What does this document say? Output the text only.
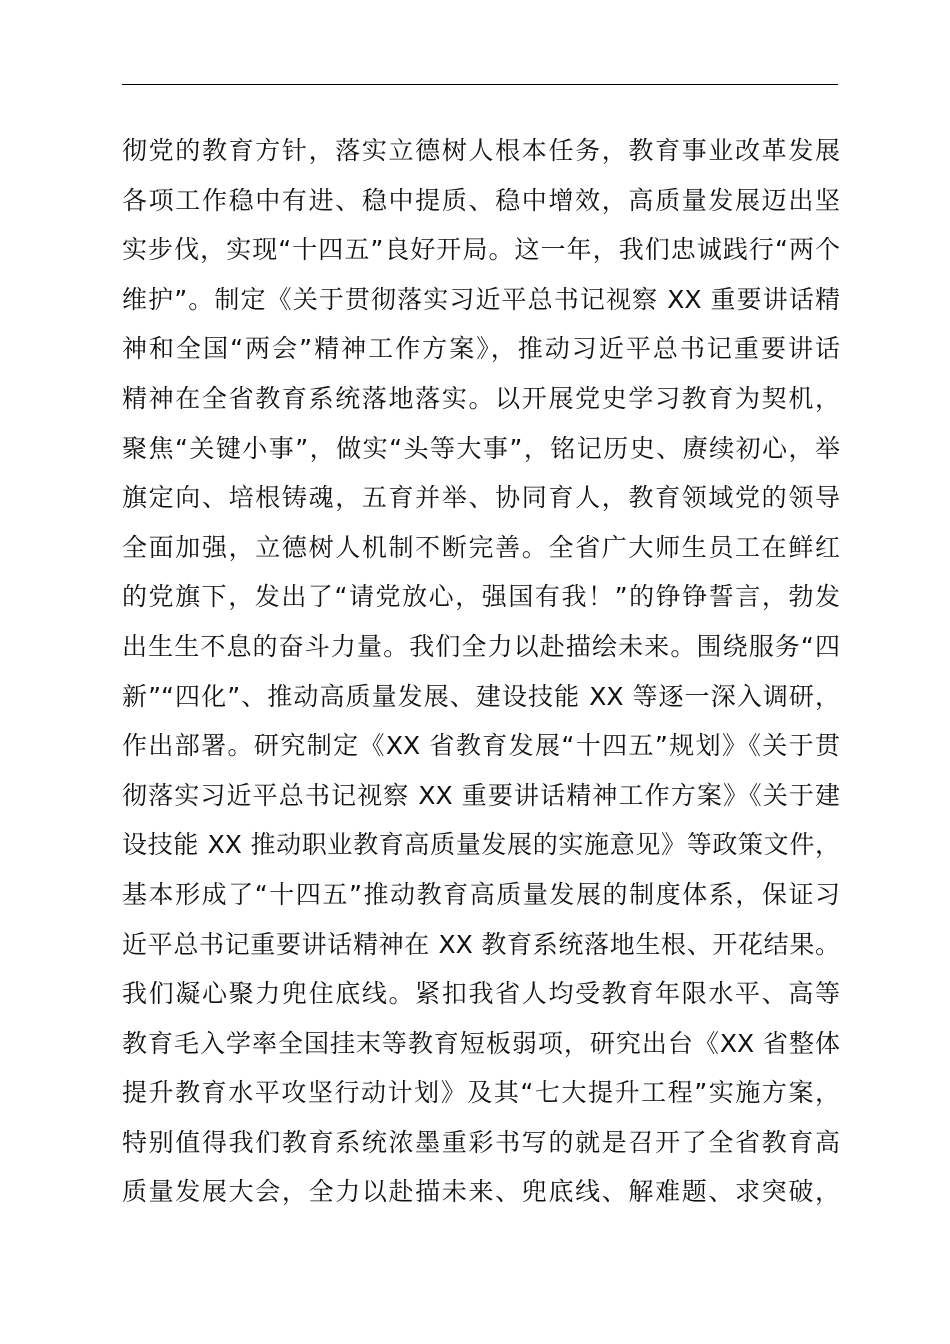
彻党的教育方针，落实立德树人根本任务，教育事业改革发展
各项工作稳中有进、稳中提质、稳中增效，高质量发展迈出坚
实步伐，实现“十四五”良好开局。这一年，我们忠诚践行“两个
维护”。制定《关于贯彻落实习近平总书记视察 XX 重要讲话精
神和全国“两会”精神工作方案》，推动习近平总书记重要讲话
精神在全省教育系统落地落实。以开展党史学习教育为契机，
聚焦“关键小事”，做实“头等大事”，铭记历史、赓续初心，举
旗定向、培根铸魂，五育并举、协同育人，教育领域党的领导
全面加强，立德树人机制不断完善。全省广大师生员工在鲜红
的党旗下，发出了“请党放心，强国有我！”的铮铮誓言，勃发
出生生不息的奋斗力量。我们全力以赴描绘未来。围绕服务“四
新”“四化”、推动高质量发展、建设技能 XX 等逐一深入调研，
作出部署。研究制定《XX 省教育发展“十四五”规划》《关于贯
彻落实习近平总书记视察 XX 重要讲话精神工作方案》《关于建
设技能 XX 推动职业教育高质量发展的实施意见》等政策文件，
基本形成了“十四五”推动教育高质量发展的制度体系，保证习
近平总书记重要讲话精神在 XX 教育系统落地生根、开花结果。
我们凝心聚力兜住底线。紧扣我省人均受教育年限水平、高等
教育毛入学率全国挂末等教育短板弱项，研究出台《XX 省整体
提升教育水平攻坚行动计划》及其“七大提升工程”实施方案，
特别值得我们教育系统浓墨重彩书写的就是召开了全省教育高
质量发展大会，全力以赴描未来、兜底线、解难题、求突破，
